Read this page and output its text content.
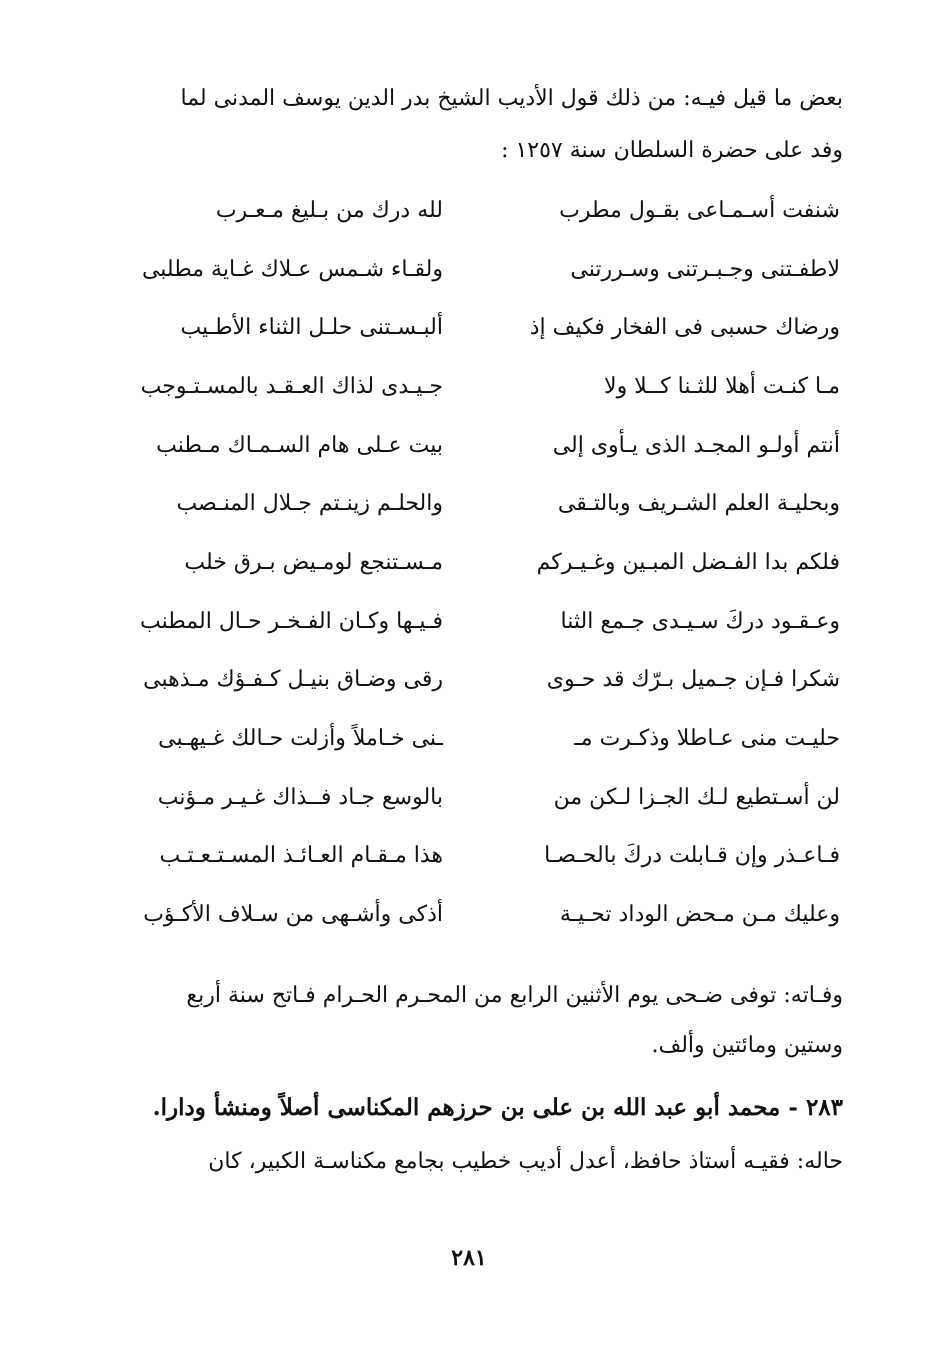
بعض ما قيل فيـه: من ذلك قول الأديب الشيخ بدر الدين يوسف المدنى لما
وفد على حضرة السلطان سنة ١٢٥٧ :
شنفت أسـمـاعى بقـول مطرب
لله درك من بـليغ مـعـرب
لاطفـتنى وجـبـرتنى وسـررتنى
ولقـاء شـمس عـلاك غـاية مطلبى
ورضاك حسبى فى الفخار فكيف إذ
ألبـسـتنى حلـل الثناء الأطـيب
مـا كنـت أهلا للثـنا كــلا ولا
جـيـدى لذاك العـقـد بالمسـتـوجب
أنتم أولـو المجـد الذى يـأوى إلى
بيت عـلى هام السـمـاك مـطنب
وبحليـة العلم الشـريف وبالتـقى
والحلـم زينـتم جـلال المنـصب
فلكم بدا الفـضل المبـين وغـيـركم
مـسـتنجع لومـيض بـرق خلب
وعـقـود دركَ سـيـدى جـمع الثنا
فـيـها وكـان الفـخـر حـال المطنب
شكرا فـإن جـميل بـرّك قد حـوى
رقى وضـاق بنيـل كـفـؤك مـذهبى
حليـت منى عـاطلا وذكـرت مـ
ـنى خـاملاً وأزلت حـالك غـيهـبى
لن أسـتطيع لـك الجـزا لـكن من
بالوسع جـاد فــذاك غـيـر مـؤنب
فـاعـذر وإن قـابلت دركَ بالحـصـا
هذا مـقـام العـائـذ المسـتـعـتـب
وعليك مـن مـحض الوداد تحـيـة
أذكى وأشـهى من سـلاف الأكـؤب
وفـاته: توفى ضـحى يوم الأثنين الرابع من المحـرم الحـرام فـاتح سنة أربع
وستين ومائتين وألف.
٢٨٣ - محمد أبو عبد الله بن على بن حرزهم المكناسى أصلاً ومنشأ ودارا.
حاله: فقيـه أستاذ حافظ، أعدل أديب خطيب بجامع مكناسـة الكبير، كان
٢٨١
